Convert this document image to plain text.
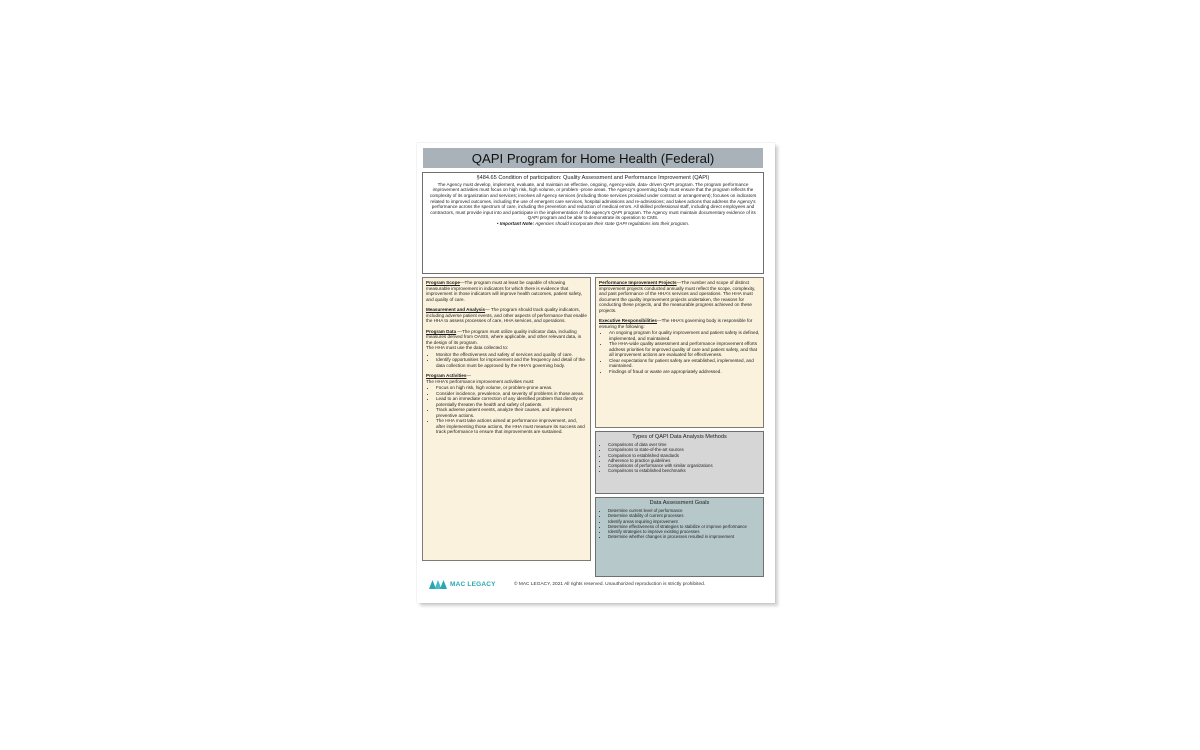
QAPI Program for Home Health (Federal)
§484.65 Condition of participation: Quality Assessment and Performance Improvement (QAPI)
The Agency must develop, implement, evaluate, and maintain an effective, ongoing, Agency-wide, data- driven QAPI program. The program performance improvement activities must focus on high risk, high volume, or problem -prone areas. The Agency's governing body must ensure that the program reflects the complexity of its organization and services; involves all Agency services (including those services provided under contract or arrangement); focuses on indicators related to improved outcomes, including the use of emergent care services, hospital admissions and re-admissions; and takes actions that address the Agency's performance across the spectrum of care, including the prevention and reduction of medical errors. All skilled professional staff, including direct employees and contractors, must provide input into and participate in the implementation of the agency's QAPI program. The Agency must maintain documentary evidence of its QAPI program and be able to demonstrate its operation to CMS.
• Important Note: Agencies should incorporate their state QAPI regulations into their program.
Program Scope—The program must at least be capable of showing measurable improvement in indicators for which there is evidence that improvement in those indicators will improve health outcomes, patient safety, and quality of care.
Measurement and Analysis— The program should track quality indicators, including adverse patient events, and other aspects of performance that enable the HHA to assess processes of care, HHA services, and operations.
Program Data —The program must utilize quality indicator data, including measures derived from OASIS, where applicable, and other relevant data, in the design of its program.
The HHA must use the data collected to:
• Monitor the effectiveness and safety of services and quality of care.
• Identify opportunities for improvement and the frequency and detail of the data collection must be approved by the HHA's governing body.
Program Activities—
The HHA's performance improvement activities must:
• Focus on high risk, high volume, or problem-prone areas.
• Consider incidence, prevalence, and severity of problems in those areas.
• Lead to an immediate correction of any identified problem that directly or potentially threaten the health and safety of patients.
• Track adverse patient events, analyze their causes, and implement preventive actions.
• The HHA must take actions aimed at performance improvement, and, after implementing those actions, the HHA must measure its success and track performance to ensure that improvements are sustained.
Performance Improvement Projects—The number and scope of distinct improvement projects conducted annually must reflect the scope, complexity, and past performance of the HHA's services and operations. The HHA must document the quality improvement projects undertaken, the reasons for conducting these projects, and the measurable progress achieved on these projects.
Executive Responsibilities—The HHA's governing body is responsible for ensuring the following:
• An ongoing program for quality improvement and patient safety is defined, implemented, and maintained.
• The HHA-wide quality assessment and performance improvement efforts address priorities for improved quality of care and patient safety, and that all improvement actions are evaluated for effectiveness.
• Clear expectations for patient safety are established, implemented, and maintained.
• Findings of fraud or waste are appropriately addressed.
Types of QAPI Data Analysis Methods
• Comparisons of data over time
• Comparisons to state-of-the-art sources
• Comparison to established standards
• Adherence to practice guidelines
• Comparisons of performance with similar organizations
• Comparisons to established benchmarks
Data Assessment Goals
• Determine current level of performance
• Determine stability of current processes
• Identify areas requiring improvement
• Determine effectiveness of strategies to stabilize or improve performance
• Identify strategies to improve existing processes
• Determine whether changes in processes resulted in improvement
MAC LEGACY	© MAC LEGACY, 2021 All rights reserved. Unauthorized reproduction is strictly prohibited.
